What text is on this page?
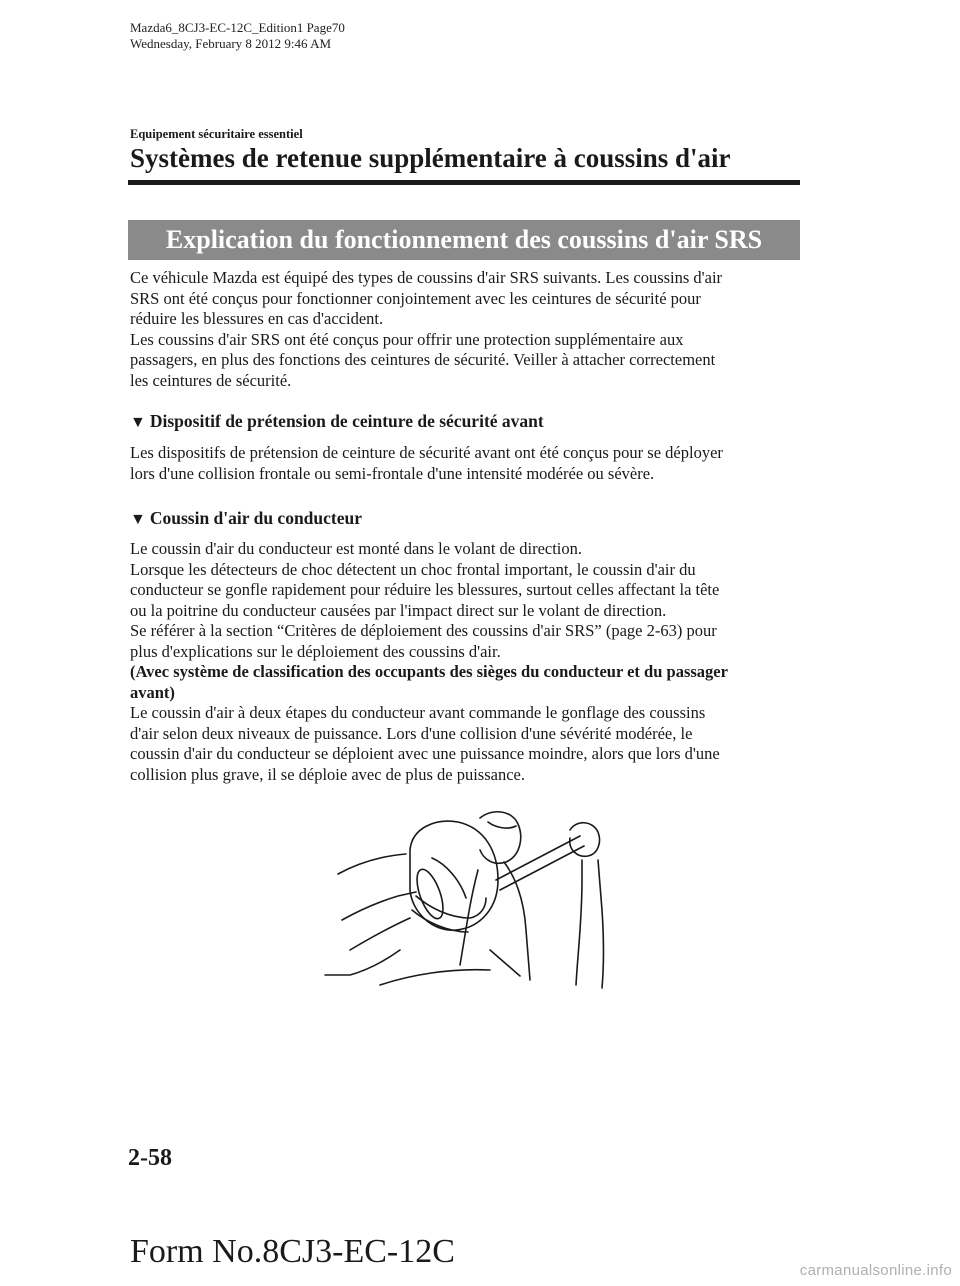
Mazda6_8CJ3-EC-12C_Edition1 Page70
Wednesday, February 8 2012 9:46 AM
Equipement sécuritaire essentiel
Systèmes de retenue supplémentaire à coussins d'air
Explication du fonctionnement des coussins d'air SRS

Ce véhicule Mazda est équipé des types de coussins d'air SRS suivants. Les coussins d'air
SRS ont été conçus pour fonctionner conjointement avec les ceintures de sécurité pour
réduire les blessures en cas d'accident.
Les coussins d'air SRS ont été conçus pour offrir une protection supplémentaire aux
passagers, en plus des fonctions des ceintures de sécurité. Veiller à attacher correctement
les ceintures de sécurité.

▼ Dispositif de prétension de ceinture de sécurité avant

Les dispositifs de prétension de ceinture de sécurité avant ont été conçus pour se déployer
lors d'une collision frontale ou semi-frontale d'une intensité modérée ou sévère.

▼ Coussin d'air du conducteur

Le coussin d'air du conducteur est monté dans le volant de direction.
Lorsque les détecteurs de choc détectent un choc frontal important, le coussin d'air du
conducteur se gonfle rapidement pour réduire les blessures, surtout celles affectant la tête
ou la poitrine du conducteur causées par l'impact direct sur le volant de direction.
Se référer à la section “Critères de déploiement des coussins d'air SRS” (page 2-63) pour
plus d'explications sur le déploiement des coussins d'air.
(Avec système de classification des occupants des sièges du conducteur et du passager
avant)
Le coussin d'air à deux étapes du conducteur avant commande le gonflage des coussins
d'air selon deux niveaux de puissance. Lors d'une collision d'une sévérité modérée, le
coussin d'air du conducteur se déploient avec une puissance moindre, alors que lors d'une
collision plus grave, il se déploie avec de plus de puissance.

2-58
Form No.8CJ3-EC-12C
carmanualsonline.info
